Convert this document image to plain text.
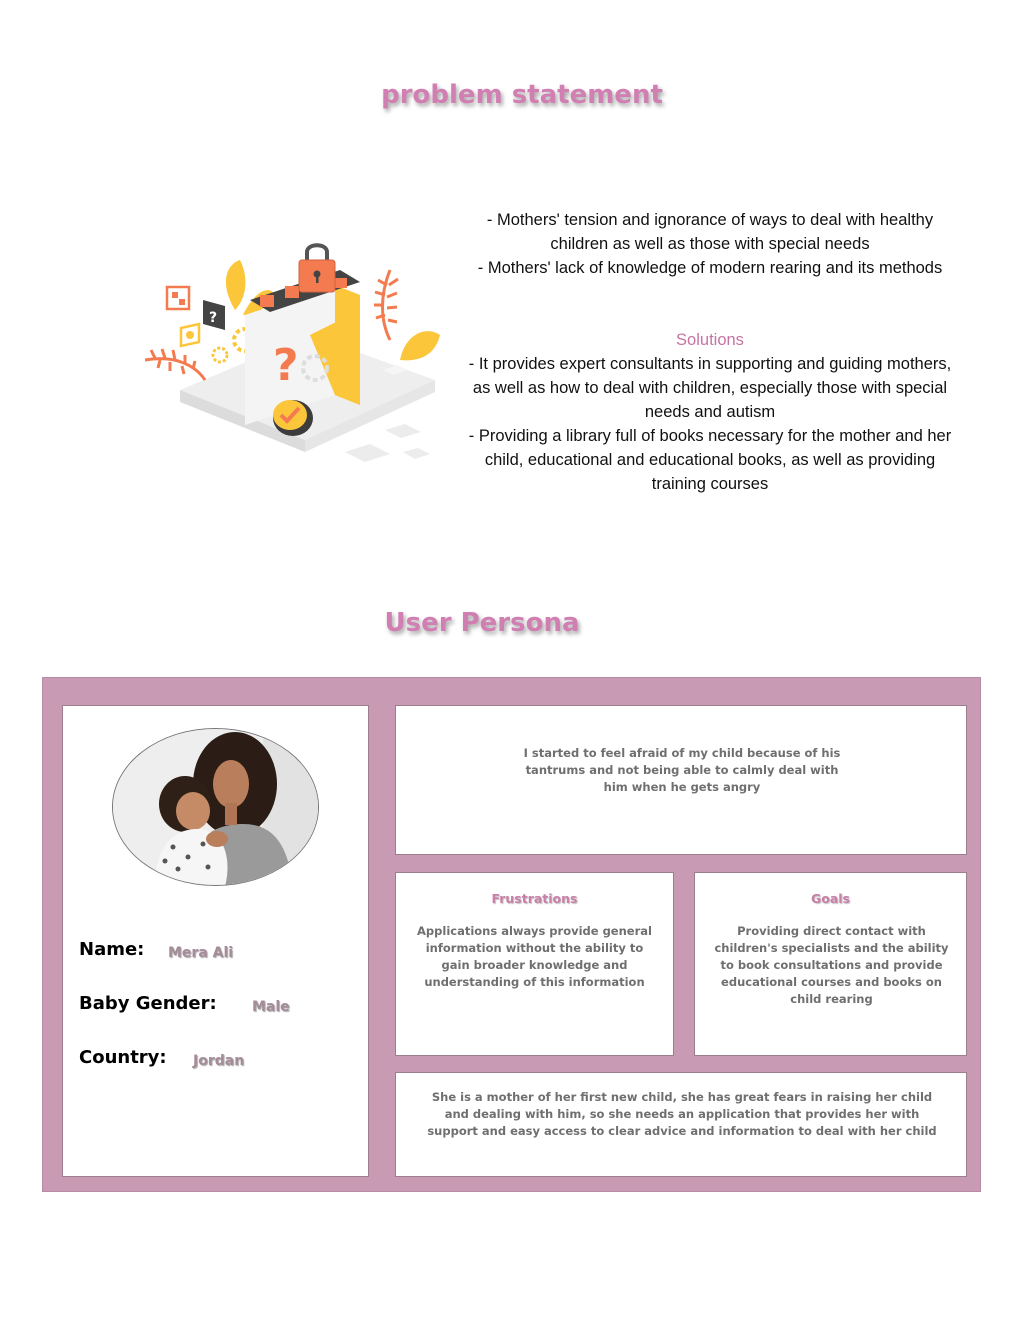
problem statement
?
?

- Mothers' tension and ignorance of ways to deal with healthy children as well as those with special needs

- Mothers' lack of knowledge of modern rearing and its methods

Solutions

- It provides expert consultants in supporting and guiding mothers, as well as how to deal with children, especially those with special needs and autism

- Providing a library full of books necessary for the mother and her child, educational and educational books, as well as providing training courses

User Persona
Name: Mera Ali
Baby Gender:	Male
Country: Jordan
I started to feel afraid of my child because of his tantrums and not being able to calmly deal with him when he gets angry
Frustrations
Applications always provide general information without the ability to gain broader knowledge and understanding of this information
Goals
Providing direct contact with children's specialists and the ability to book consultations and provide educational courses and books on child rearing
She is a mother of her first new child, she has great fears in raising her child and dealing with him, so she needs an application that provides her with support and easy access to clear advice and information to deal with her child
